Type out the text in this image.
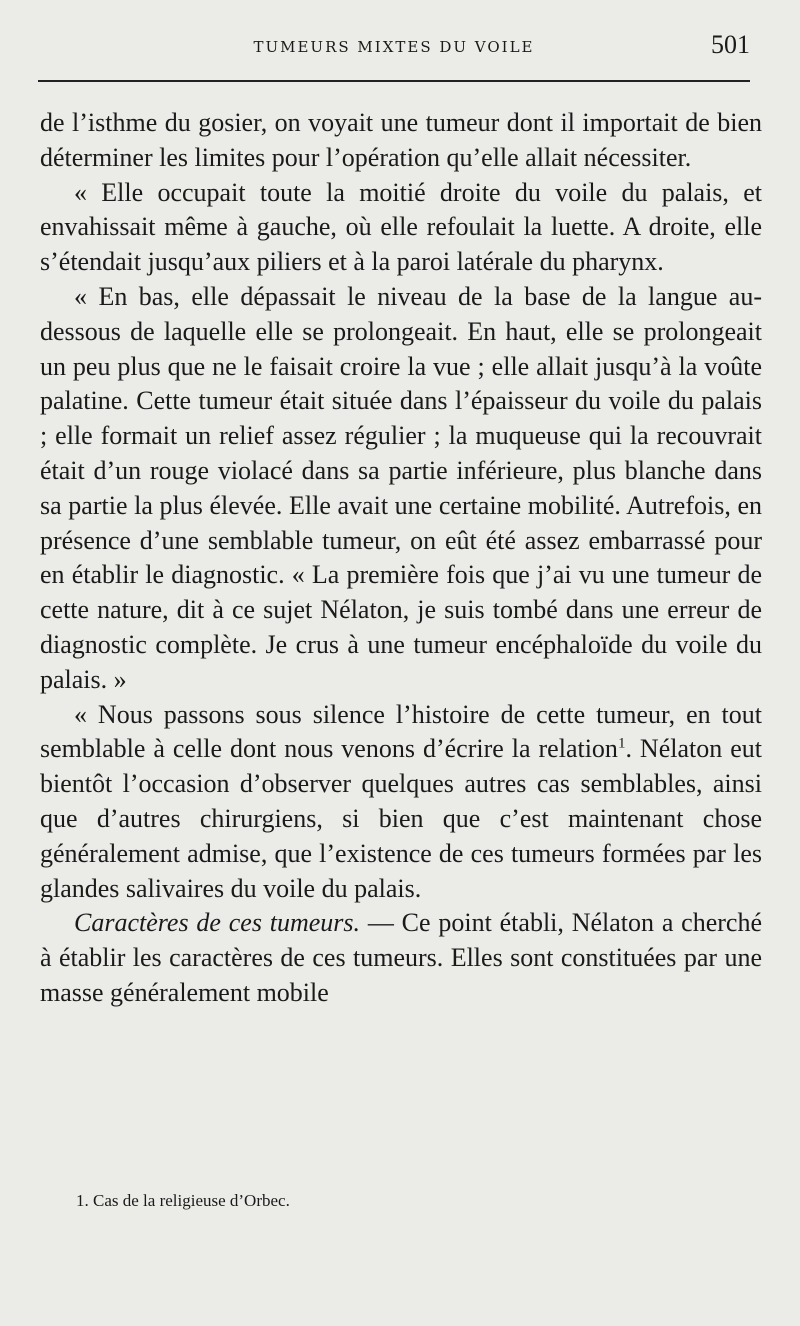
TUMEURS MIXTES DU VOILE	501

de l’isthme du gosier, on voyait une tumeur dont il importait de bien déterminer les limites pour l’opération qu’elle allait nécessiter.

« Elle occupait toute la moitié droite du voile du palais, et envahissait même à gauche, où elle refoulait la luette. A droite, elle s’étendait jusqu’aux piliers et à la paroi latérale du pharynx.

« En bas, elle dépassait le niveau de la base de la langue au-dessous de laquelle elle se prolongeait. En haut, elle se prolongeait un peu plus que ne le faisait croire la vue ; elle allait jusqu’à la voûte palatine. Cette tumeur était située dans l’épaisseur du voile du palais ; elle formait un relief assez régulier ; la muqueuse qui la recouvrait était d’un rouge violacé dans sa partie inférieure, plus blanche dans sa partie la plus élevée. Elle avait une certaine mobilité. Autrefois, en présence d’une semblable tumeur, on eût été assez embarrassé pour en établir le diagnostic. « La première fois que j’ai vu une tumeur de cette nature, dit à ce sujet Nélaton, je suis tombé dans une erreur de diagnostic complète. Je crus à une tumeur encéphaloïde du voile du palais. »

« Nous passons sous silence l’histoire de cette tumeur, en tout semblable à celle dont nous venons d’écrire la relation$^1$. Nélaton eut bientôt l’occasion d’observer quelques autres cas semblables, ainsi que d’autres chirurgiens, si bien que c’est maintenant chose généralement admise, que l’existence de ces tumeurs formées par les glandes salivaires du voile du palais.

Caractères de ces tumeurs. — Ce point établi, Nélaton a cherché à établir les caractères de ces tumeurs. Elles sont constituées par une masse généralement mobile

1. Cas de la religieuse d’Orbec.
